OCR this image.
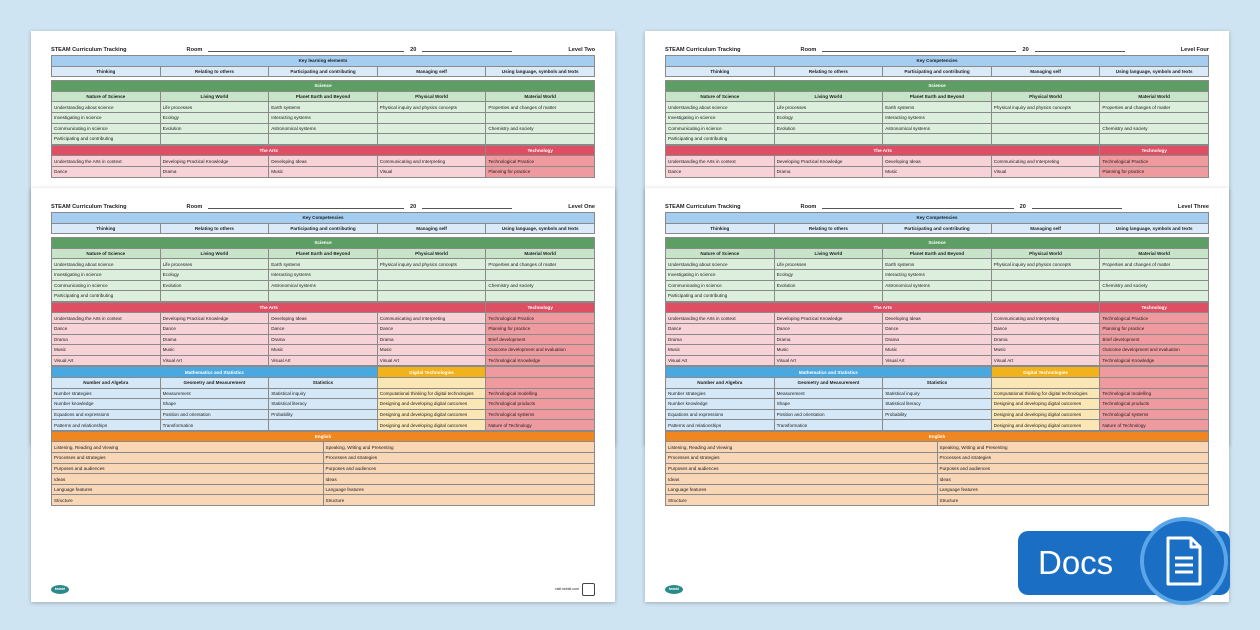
STEAM Curriculum Tracking	Room	20	Level Two
Key learning elements
Thinking	Relating to others	Participating and contributing	Managing self	Using language, symbols and texts
Science				
Nature of Science	Living World	Planet Earth and Beyond	Physical World	Material World
Understanding about science	Life processes	Earth systems	Physical inquiry and physics concepts	Properties and changes of matter
Investigating in science	Ecology	Interacting systems		
Communicating in science	Evolution	Astronomical systems		Chemistry and society
Participating and contributing				
The Arts				Technology
Understanding the Arts in context	Developing Practical Knowledge	Developing Ideas	Communicating and Interpreting	Technological Practice
Dance	Drama	Music	Visual	Planning for practice
STEAM Curriculum Tracking	Room	20	Level Four
Key Competencies
Thinking	Relating to others	Participating and contributing	Managing self	Using language, symbols and texts
Science				
Nature of Science	Living World	Planet Earth and Beyond	Physical World	Material World
Understanding about science	Life processes	Earth systems	Physical inquiry and physics concepts	Properties and changes of matter
Investigating in science	Ecology	Interacting systems		
Communicating in science	Evolution	Astronomical systems		Chemistry and society
Participating and contributing				
The Arts				Technology
Understanding the Arts in context	Developing Practical Knowledge	Developing Ideas	Communicating and Interpreting	Technological Practice
Dance	Drama	Music	Visual	Planning for practice
STEAM Curriculum Tracking	Room	20	Level One
Key Competencies
Thinking	Relating to others	Participating and contributing	Managing self	Using language, symbols and texts
Science				
Nature of Science	Living World	Planet Earth and Beyond	Physical World	Material World
Understanding about science	Life processes	Earth systems	Physical inquiry and physics concepts	Properties and changes of matter
Investigating in science	Ecology	Interacting systems		
Communicating in science	Evolution	Astronomical systems		Chemistry and society
Participating and contributing				
The Arts				Technology
Understanding the Arts in context	Developing Practical Knowledge	Developing Ideas	Communicating and Interpreting	Technological Practice
Dance	Dance	Dance	Dance	Planning for practice
Drama	Drama	Drama	Drama	Brief development
Music	Music	Music	Music	Outcome development and evaluation
Visual Art	Visual Art	Visual Art	Visual Art	Technological Knowledge
Mathematics and Statistics			Digital Technologies	
Number and Algebra	Geometry and Measurement	Statistics		
Number strategies	Measurement	Statistical inquiry	Computational thinking for digital technologies	Technological modelling
Number knowledge	Shape	Statistical literacy	Designing and developing digital outcomes	Technological products
Equations and expressions	Position and orientation	Probability	Designing and developing digital outcomes	Technological systems
Patterns and relationships	Transformation		Designing and developing digital outcomes	Nature of Technology
English	
Listening, Reading and Viewing	Speaking, Writing and Presenting
Processes and strategies	Processes and strategies
Purposes and audiences	Purposes and audiences
Ideas	Ideas
Language features	Language features
Structure	Structure
twinkl	visit twinkl.com
STEAM Curriculum Tracking	Room	20	Level Three
Key Competencies
Thinking	Relating to others	Participating and contributing	Managing self	Using language, symbols and texts
Science				
Nature of Science	Living World	Planet Earth and Beyond	Physical World	Material World
Understanding about science	Life processes	Earth systems	Physical inquiry and physics concepts	Properties and changes of matter
Investigating in science	Ecology	Interacting systems		
Communicating in science	Evolution	Astronomical systems		Chemistry and society
Participating and contributing				
The Arts				Technology
Understanding the Arts in context	Developing Practical Knowledge	Developing Ideas	Communicating and Interpreting	Technological Practice
Dance	Dance	Dance	Dance	Planning for practice
Drama	Drama	Drama	Drama	Brief development
Music	Music	Music	Music	Outcome development and evaluation
Visual Art	Visual Art	Visual Art	Visual Art	Technological Knowledge
Mathematics and Statistics			Digital Technologies	
Number and Algebra	Geometry and Measurement	Statistics		
Number strategies	Measurement	Statistical inquiry	Computational thinking for digital technologies	Technological modelling
Number knowledge	Shape	Statistical literacy	Designing and developing digital outcomes	Technological products
Equations and expressions	Position and orientation	Probability	Designing and developing digital outcomes	Technological systems
Patterns and relationships	Transformation		Designing and developing digital outcomes	Nature of Technology
English	
Listening, Reading and Viewing	Speaking, Writing and Presenting
Processes and strategies	Processes and strategies
Purposes and audiences	Purposes and audiences
Ideas	Ideas
Language features	Language features
Structure	Structure
twinkl
Docs
